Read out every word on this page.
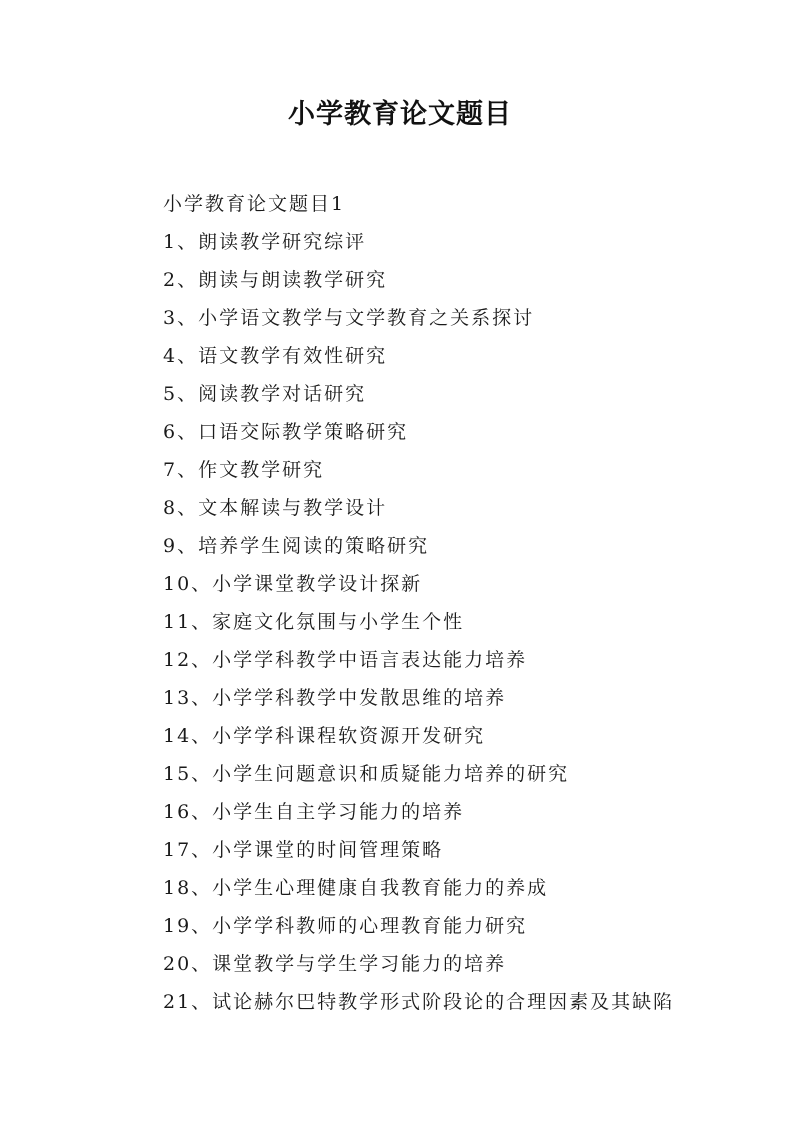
小学教育论文题目

小学教育论文题目1

1、朗读教学研究综评
2、朗读与朗读教学研究
3、小学语文教学与文学教育之关系探讨
4、语文教学有效性研究
5、阅读教学对话研究
6、口语交际教学策略研究
7、作文教学研究
8、文本解读与教学设计
9、培养学生阅读的策略研究
10、小学课堂教学设计探新
11、家庭文化氛围与小学生个性
12、小学学科教学中语言表达能力培养
13、小学学科教学中发散思维的培养
14、小学学科课程软资源开发研究
15、小学生问题意识和质疑能力培养的研究
16、小学生自主学习能力的培养
17、小学课堂的时间管理策略
18、小学生心理健康自我教育能力的养成
19、小学学科教师的心理教育能力研究
20、课堂教学与学生学习能力的培养
21、试论赫尔巴特教学形式阶段论的合理因素及其缺陷
